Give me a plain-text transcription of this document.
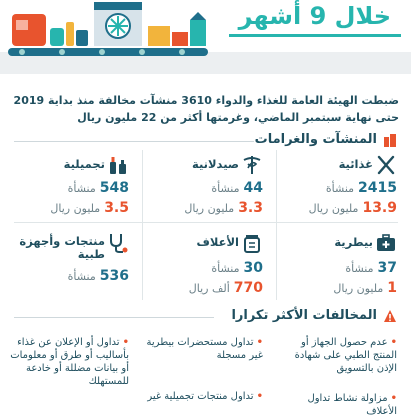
خلال 9 أشهر
ضبطت الهيئة العامة للغذاء والدواء 3610 منشآت مخالفة منذ بداية 2019 حتى نهاية سبتمبر الماضي، وغرمتها أكثر من 22 مليون ريال
المنشآت والغرامات
غذائية
2415منشأة
13.9مليون ريال
صيدلانية
44منشأة
3.3مليون ريال
تجميلية
548منشأة
3.5مليون ريال
بيطرية
37منشأة
1مليون ريال
الأعلاف
30منشأة
770ألف ريال
منتجات وأجهزة طبية
536منشأة
المخالفات الأكثر تكرارا
•عدم حصول الجهاز أو المنتج الطبي على شهادة الإذن بالتسويق
•تداول مستحضرات بيطرية غير مسجلة
•تداول أو الإعلان عن غذاء بأساليب أو طرق أو معلومات أو بيانات مضللة أو خادعة للمستهلك
•مزاولة نشاط تداول الأعلاف
•تداول منتجات تجميلية غير
